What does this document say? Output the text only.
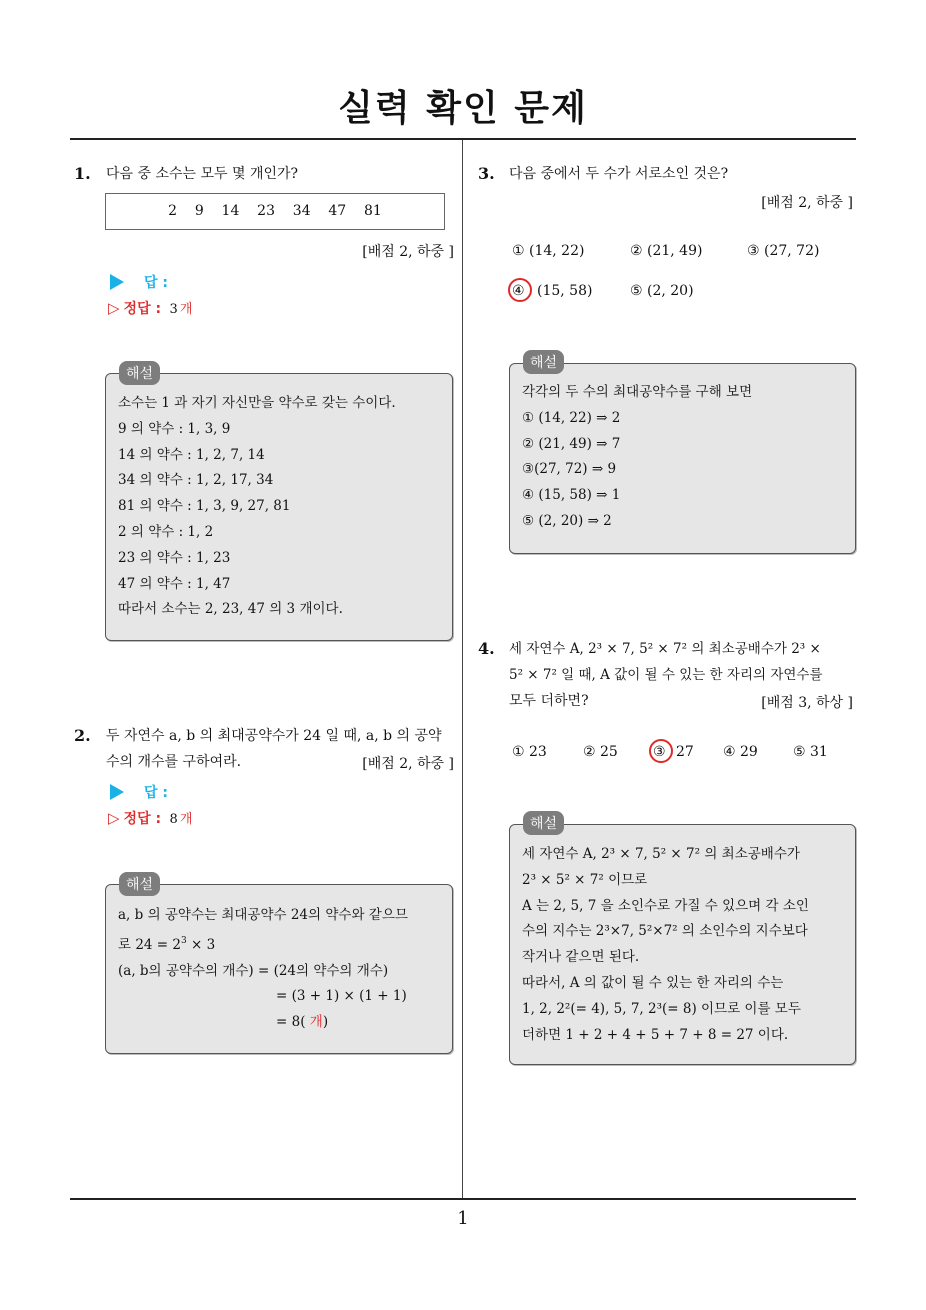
실력 확인 문제
1. 다음 중 소수는 모두 몇 개인가?
2    9    14    23    34    47    81
[배점 2, 하중 ]
답 :
▷ 정답 : 3 개
해설
소수는 1 과 자기 자신만을 약수로 갖는 수이다.
9 의 약수 : 1, 3, 9
14 의 약수 : 1, 2, 7, 14
34 의 약수 : 1, 2, 17, 34
81 의 약수 : 1, 3, 9, 27, 81
2 의 약수 : 1, 2
23 의 약수 : 1, 23
47 의 약수 : 1, 47
따라서 소수는 2, 23, 47 의 3 개이다.
2. 두 자연수 a, b 의 최대공약수가 24 일 때, a, b 의 공약
수의 개수를 구하여라.	[배점 2, 하중 ]
답 :
▷ 정답 : 8 개
해설
a, b 의 공약수는 최대공약수 24의 약수와 같으므
로 $24 = 2^3 \times 3$
(a, b의 공약수의 개수) = (24의 약수의 개수)
= (3 + 1) × (1 + 1)
= 8( 개)
3. 다음 중에서 두 수가 서로소인 것은?
[배점 2, 하중 ]
① (14, 22)	② (21, 49)	③ (27, 72)
④ (15, 58)	⑤ (2, 20)
해설
각각의 두 수의 최대공약수를 구해 보면
① (14, 22) ⇒ 2
② (21, 49) ⇒ 7
③(27, 72) ⇒ 9
④ (15, 58) ⇒ 1
⑤ (2, 20) ⇒ 2
4. 세 자연수 A, 2³ × 7, 5² × 7² 의 최소공배수가 2³ ×
5² × 7² 일 때, A 값이 될 수 있는 한 자리의 자연수를
모두 더하면?	[배점 3, 하상 ]
① 23	② 25	③ 27 ④ 29	⑤ 31
해설
세 자연수 A, 2³ × 7, 5² × 7² 의 최소공배수가
2³ × 5² × 7² 이므로
A 는 2, 5, 7 을 소인수로 가질 수 있으며 각 소인
수의 지수는 2³×7, 5²×7² 의 소인수의 지수보다
작거나 같으면 된다.
따라서, A 의 값이 될 수 있는 한 자리의 수는
1, 2, 2²(= 4), 5, 7, 2³(= 8) 이므로 이를 모두
더하면 1 + 2 + 4 + 5 + 7 + 8 = 27 이다.
1
